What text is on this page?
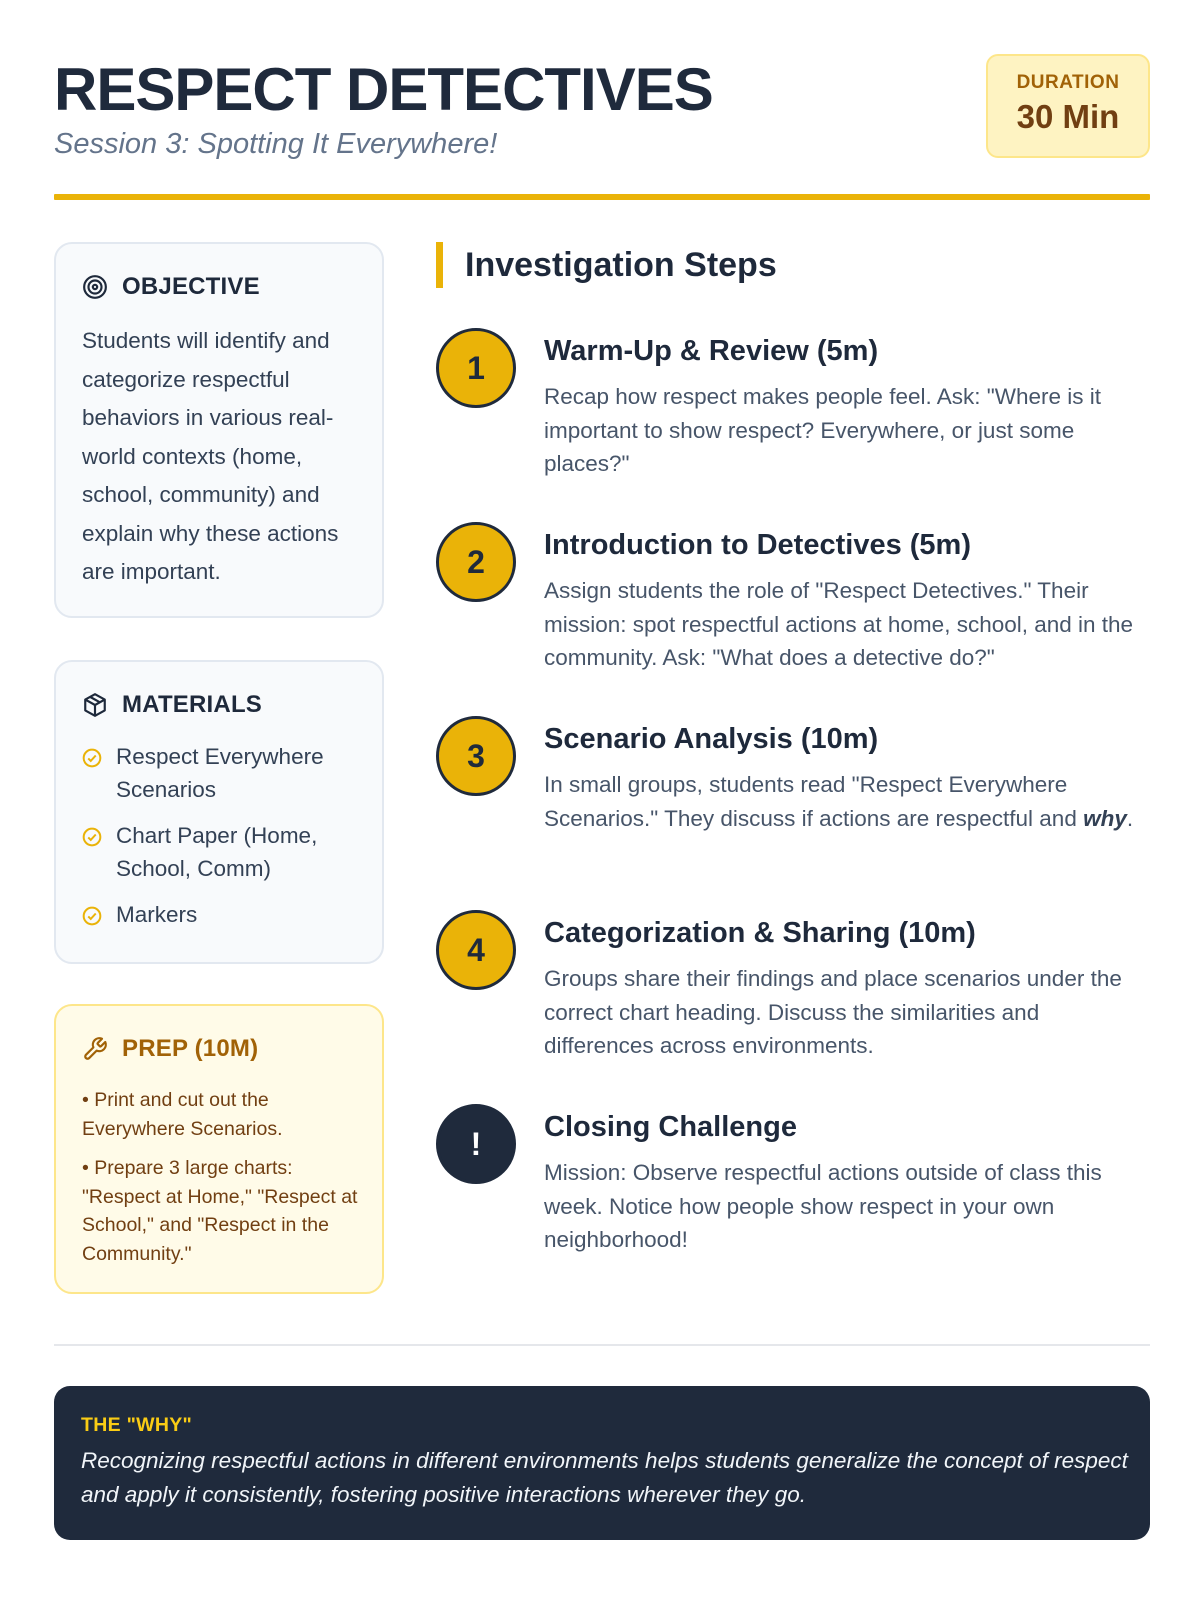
RESPECT DETECTIVES
Session 3: Spotting It Everywhere!
DURATION
30 Min
OBJECTIVE

Students will identify and categorize respectful behaviors in various real-world contexts (home, school, community) and explain why these actions are important.

MATERIALS
Respect Everywhere Scenarios
Chart Paper (Home, School, Comm)
Markers
PREP (10M)
• Print and cut out the Everywhere Scenarios.
• Prepare 3 large charts: "Respect at Home," "Respect at School," and "Respect in the Community."
Investigation Steps
1	Warm-Up & Review (5m)

Recap how respect makes people feel. Ask: "Where is it important to show respect? Everywhere, or just some places?"

2	Introduction to Detectives (5m)

Assign students the role of "Respect Detectives." Their mission: spot respectful actions at home, school, and in the community. Ask: "What does a detective do?"

3	Scenario Analysis (10m)

In small groups, students read "Respect Everywhere Scenarios." They discuss if actions are respectful and why.

4	Categorization & Sharing (10m)

Groups share their findings and place scenarios under the correct chart heading. Discuss the similarities and differences across environments.

!	Closing Challenge

Mission: Observe respectful actions outside of class this week. Notice how people show respect in your own neighborhood!

THE "WHY"

Recognizing respectful actions in different environments helps students generalize the concept of respect and apply it consistently, fostering positive interactions wherever they go.
